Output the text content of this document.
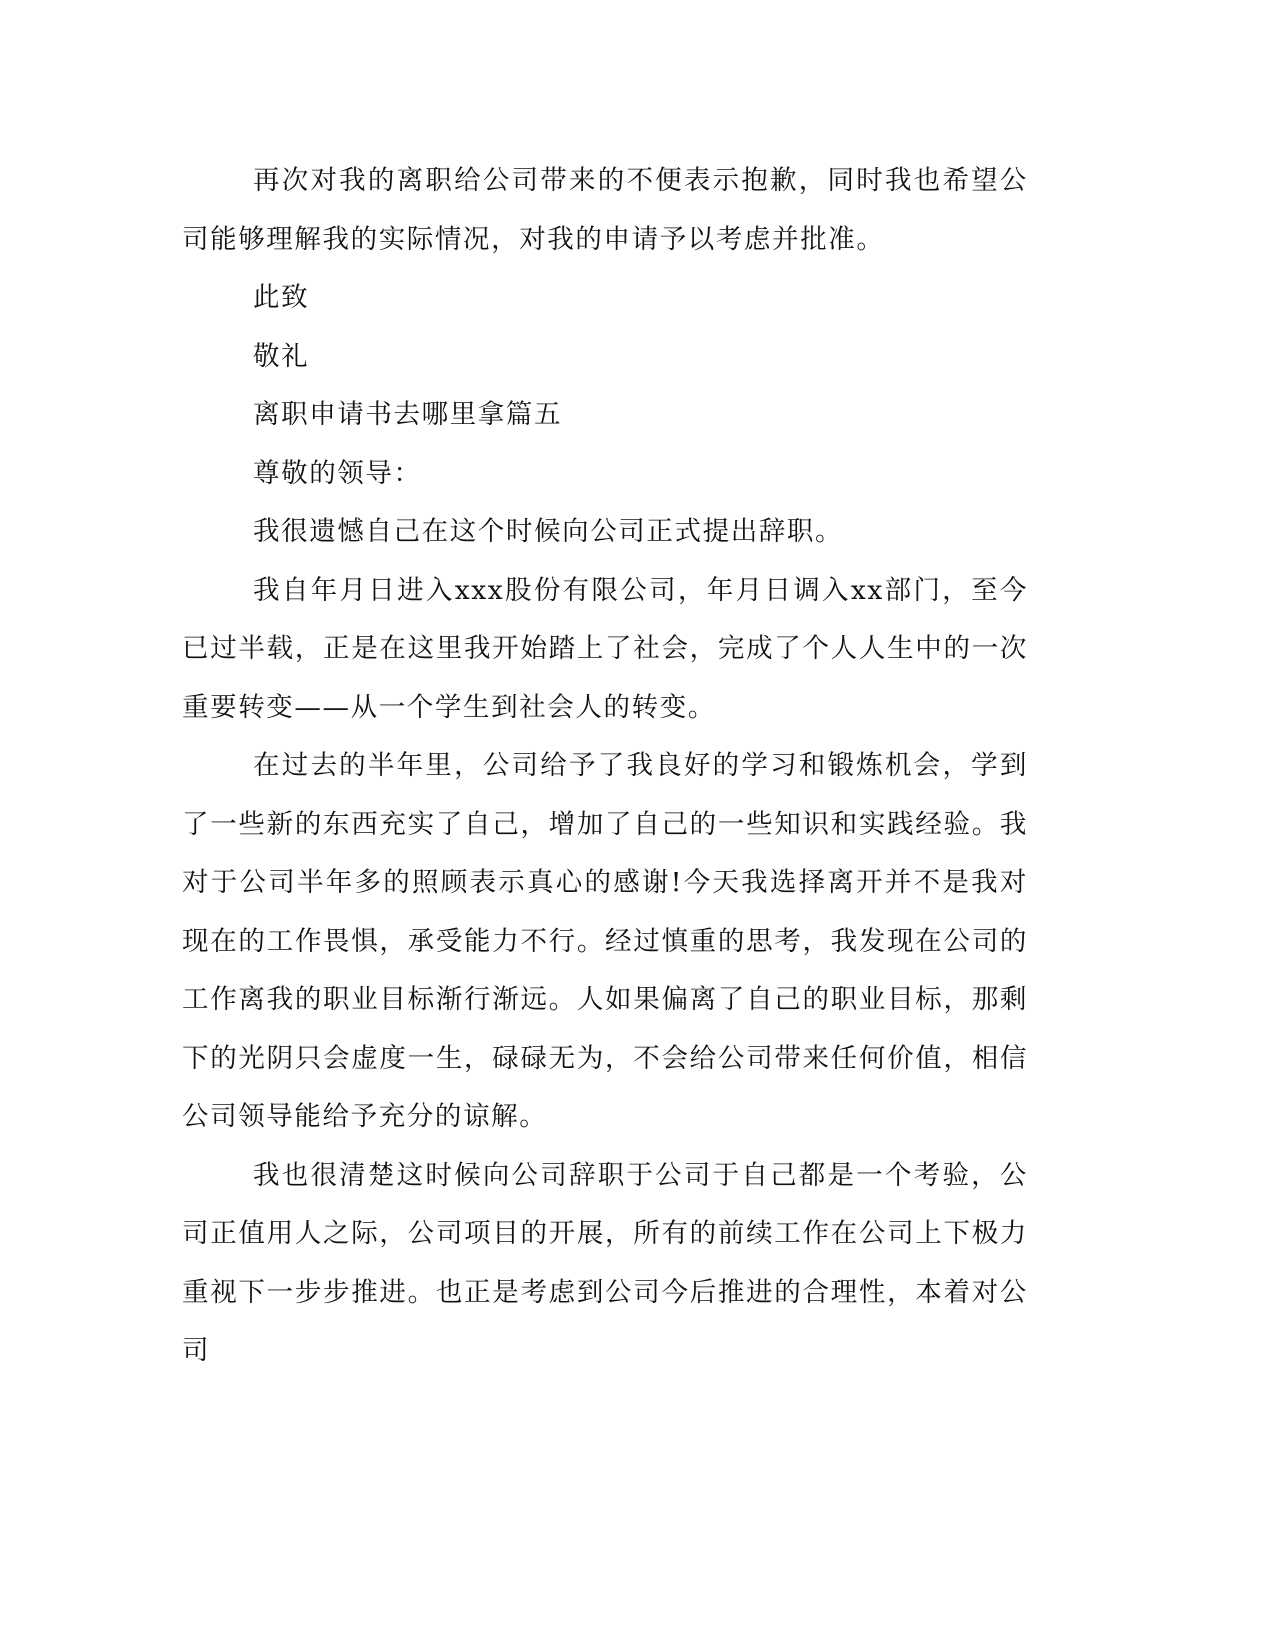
再次对我的离职给公司带来的不便表示抱歉，同时我也希望公司能够理解我的实际情况，对我的申请予以考虑并批准。

此致

敬礼

离职申请书去哪里拿篇五

尊敬的领导：

我很遗憾自己在这个时候向公司正式提出辞职。

我自年月日进入xxx股份有限公司，年月日调入xx部门，至今已过半载，正是在这里我开始踏上了社会，完成了个人人生中的一次重要转变——从一个学生到社会人的转变。

在过去的半年里，公司给予了我良好的学习和锻炼机会，学到了一些新的东西充实了自己，增加了自己的一些知识和实践经验。我对于公司半年多的照顾表示真心的感谢!今天我选择离开并不是我对现在的工作畏惧，承受能力不行。经过慎重的思考，我发现在公司的工作离我的职业目标渐行渐远。人如果偏离了自己的职业目标，那剩下的光阴只会虚度一生，碌碌无为，不会给公司带来任何价值，相信公司领导能给予充分的谅解。

我也很清楚这时候向公司辞职于公司于自己都是一个考验，公司正值用人之际，公司项目的开展，所有的前续工作在公司上下极力重视下一步步推进。也正是考虑到公司今后推进的合理性，本着对公司
